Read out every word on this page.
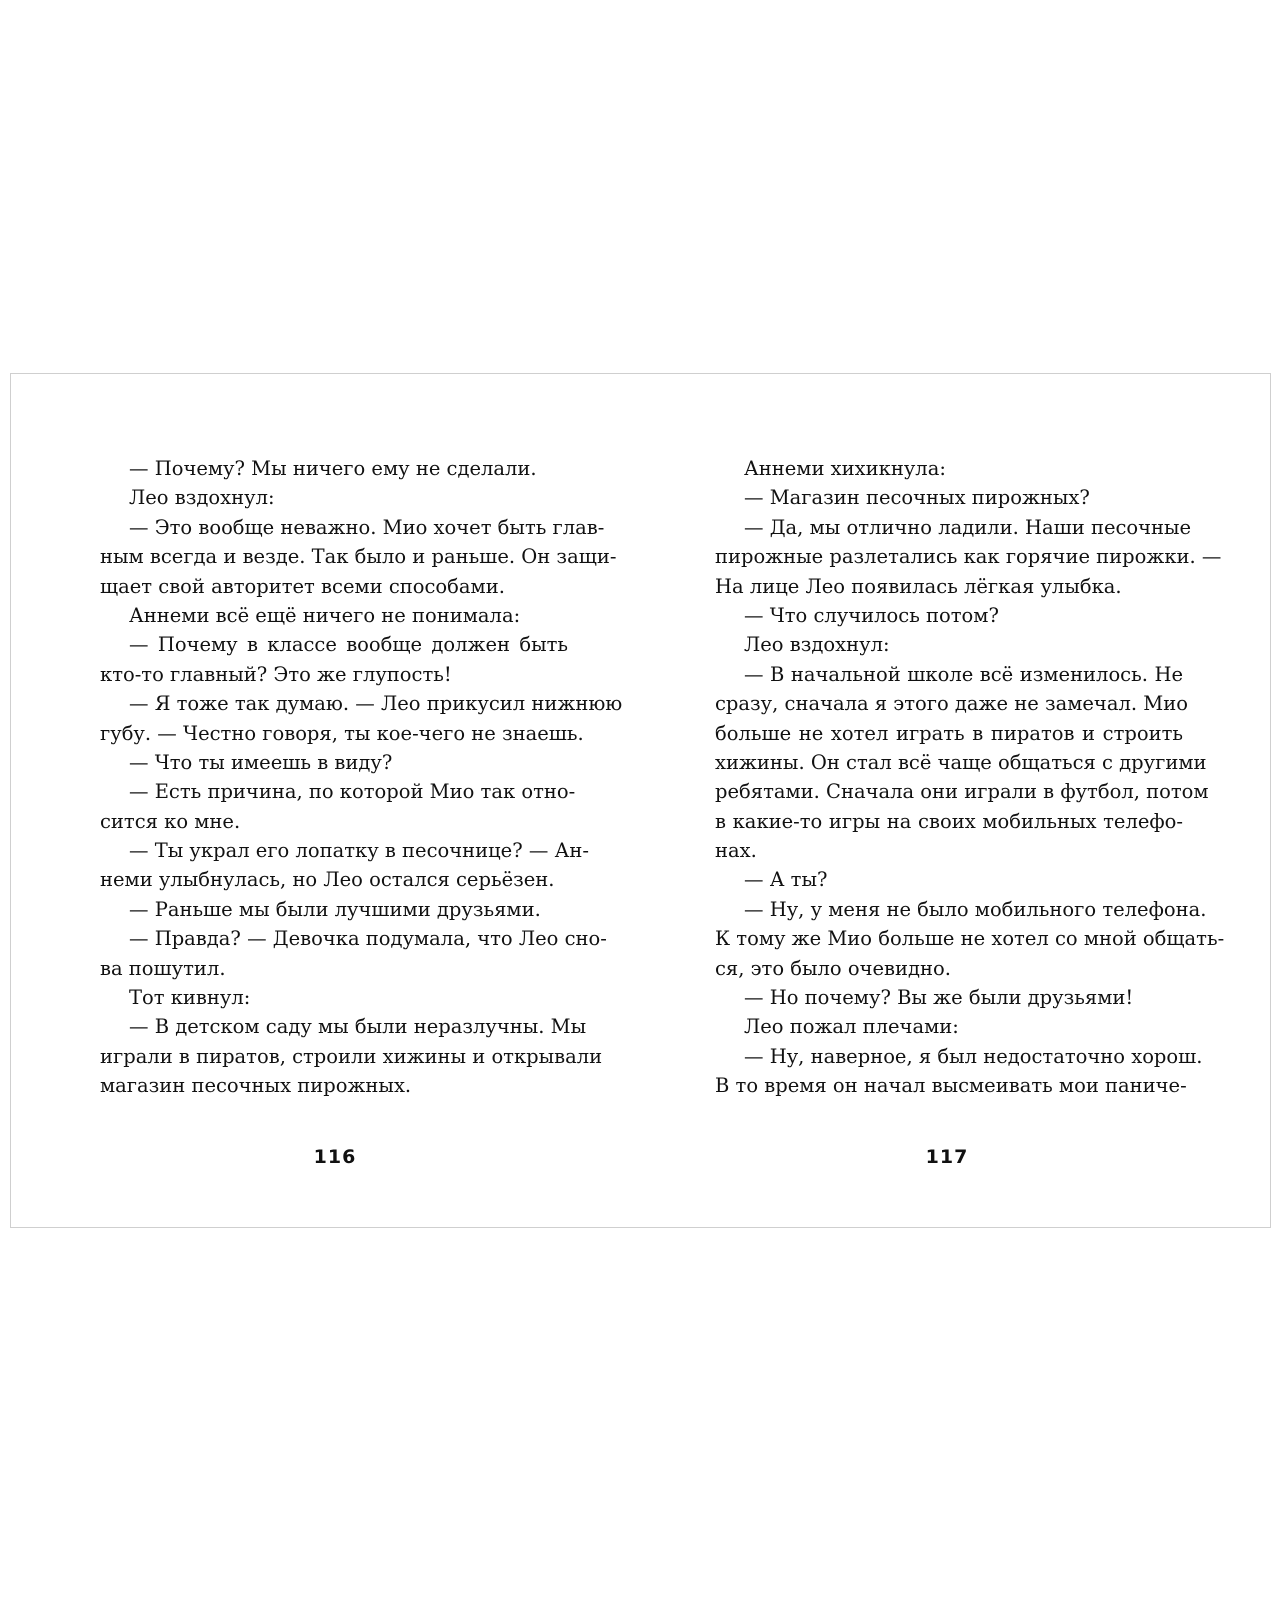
— Почему? Мы ничего ему не сделали.
Лео вздохнул:
— Это вообще неважно. Мио хочет быть глав-
ным всегда и везде. Так было и раньше. Он защи-
щает свой авторитет всеми способами.
Аннеми всё ещё ничего не понимала:
— Почему в классе вообще должен быть
кто-то главный? Это же глупость!
— Я тоже так думаю. — Лео прикусил нижнюю
губу. — Честно говоря, ты кое-чего не знаешь.
— Что ты имеешь в виду?
— Есть причина, по которой Мио так отно-
сится ко мне.
— Ты украл его лопатку в песочнице? — Ан-
неми улыбнулась, но Лео остался серьёзен.
— Раньше мы были лучшими друзьями.
— Правда? — Девочка подумала, что Лео сно-
ва пошутил.
Тот кивнул:
— В детском саду мы были неразлучны. Мы
играли в пиратов, строили хижины и открывали
магазин песочных пирожных.
Аннеми хихикнула:
— Магазин песочных пирожных?
— Да, мы отлично ладили. Наши песочные
пирожные разлетались как горячие пирожки. —
На лице Лео появилась лёгкая улыбка.
— Что случилось потом?
Лео вздохнул:
— В начальной школе всё изменилось. Не
сразу, сначала я этого даже не замечал. Мио
больше не хотел играть в пиратов и строить
хижины. Он стал всё чаще общаться с другими
ребятами. Сначала они играли в футбол, потом
в какие-то игры на своих мобильных телефо-
нах.
— А ты?
— Ну, у меня не было мобильного телефона.
К тому же Мио больше не хотел со мной общать-
ся, это было очевидно.
— Но почему? Вы же были друзьями!
Лео пожал плечами:
— Ну, наверное, я был недостаточно хорош.
В то время он начал высмеивать мои паниче-
116	117
